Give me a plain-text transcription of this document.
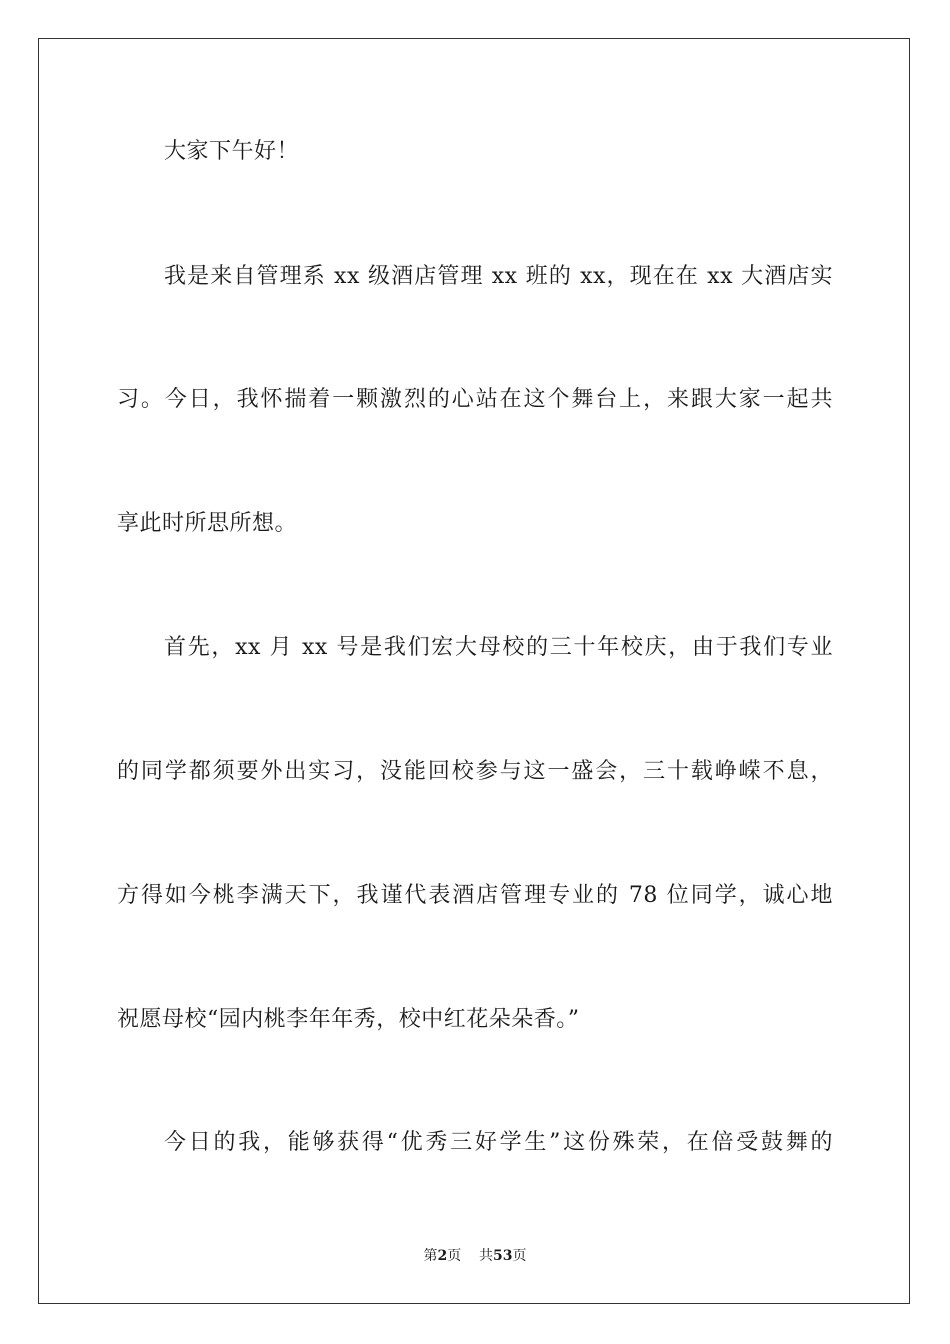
大家下午好！
我是来自管理系 xx 级酒店管理 xx 班的 xx，现在在 xx 大酒店实
习。今日，我怀揣着一颗激烈的心站在这个舞台上，来跟大家一起共
享此时所思所想。
首先，xx 月 xx 号是我们宏大母校的三十年校庆，由于我们专业
的同学都须要外出实习，没能回校参与这一盛会，三十载峥嵘不息，
方得如今桃李满天下，我谨代表酒店管理专业的 78 位同学，诚心地
祝愿母校“园内桃李年年秀，校中红花朵朵香。”
今日的我，能够获得“优秀三好学生”这份殊荣，在倍受鼓舞的
第2页 共53页
